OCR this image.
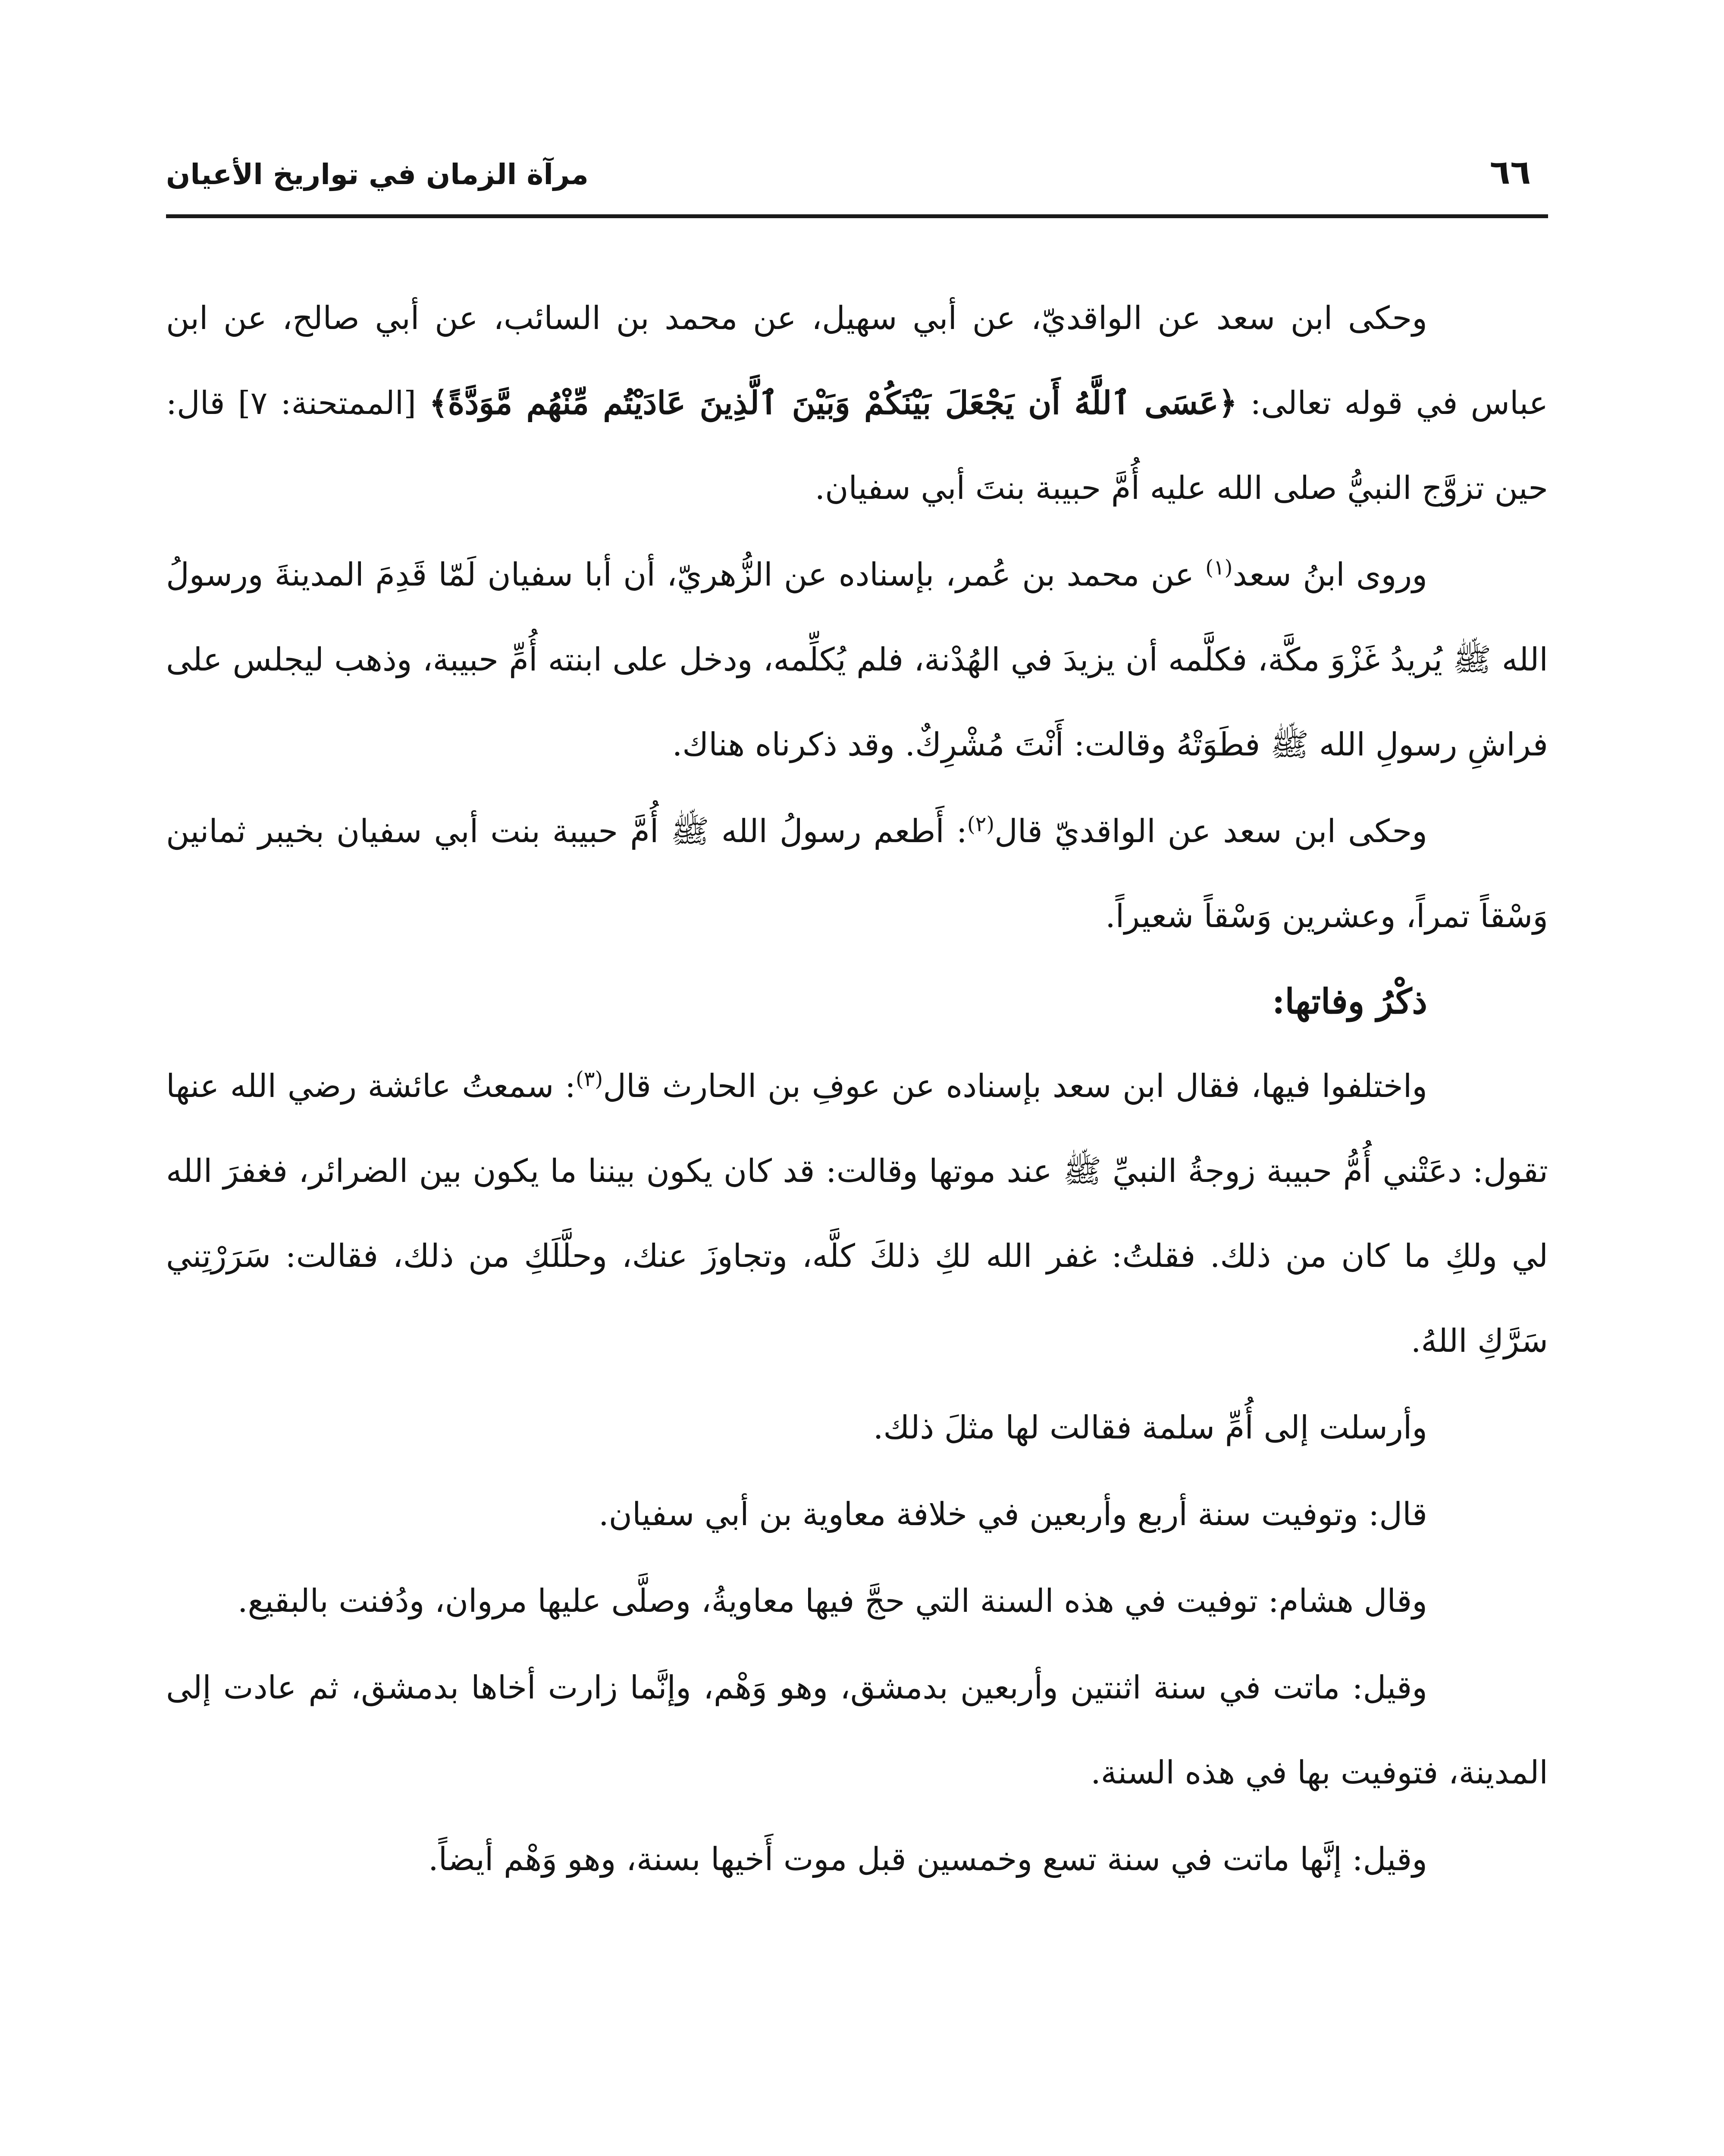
٦٦
مرآة الزمان في تواريخ الأعيان

وحكى ابن سعد عن الواقديّ، عن أبي سهيل، عن محمد بن السائب، عن أبي صالح، عن ابن عباس في قوله تعالى: ﴿عَسَى ٱللَّهُ أَن يَجْعَلَ بَيْنَكُمْ وَبَيْنَ ٱلَّذِينَ عَادَيْتُم مِّنْهُم مَّوَدَّةً﴾ [الممتحنة: ٧] قال: حين تزوَّج النبيُّ صلى الله عليه أُمَّ حبيبة بنتَ أبي سفيان.

وروى ابنُ سعد$^{(١)}$ عن محمد بن عُمر، بإسناده عن الزُّهريّ، أن أبا سفيان لَمّا قَدِمَ المدينةَ ورسولُ الله ﷺ يُريدُ غَزْوَ مكَّة، فكلَّمه أن يزيدَ في الهُدْنة، فلم يُكلِّمه، ودخل على ابنته أُمِّ حبيبة، وذهب ليجلس على فراشِ رسولِ الله ﷺ فطَوَتْهُ وقالت: أَنْتَ مُشْرِكٌ. وقد ذكرناه هناك.

وحكى ابن سعد عن الواقديّ قال$^{(٢)}$: أَطعم رسولُ الله ﷺ أُمَّ حبيبة بنت أبي سفيان بخيبر ثمانين وَسْقاً تمراً، وعشرين وَسْقاً شعيراً.

ذكْرُ وفاتها:

واختلفوا فيها، فقال ابن سعد بإسناده عن عوفِ بن الحارث قال$^{(٣)}$: سمعتُ عائشة رضي الله عنها تقول: دعَتْني أُمُّ حبيبة زوجةُ النبيِّ ﷺ عند موتها وقالت: قد كان يكون بيننا ما يكون بين الضرائر، فغفرَ الله لي ولكِ ما كان من ذلك. فقلتُ: غفر الله لكِ ذلكَ كلَّه، وتجاوزَ عنك، وحلَّلَكِ من ذلك، فقالت: سَرَرْتِني سَرَّكِ اللهُ.

وأرسلت إلى أُمِّ سلمة فقالت لها مثلَ ذلك.

قال: وتوفيت سنة أربع وأربعين في خلافة معاوية بن أبي سفيان.

وقال هشام: توفيت في هذه السنة التي حجَّ فيها معاويةُ، وصلَّى عليها مروان، ودُفنت بالبقيع.

وقيل: ماتت في سنة اثنتين وأربعين بدمشق، وهو وَهْم، وإنَّما زارت أخاها بدمشق، ثم عادت إلى المدينة، فتوفيت بها في هذه السنة.

وقيل: إنَّها ماتت في سنة تسع وخمسين قبل موت أَخيها بسنة، وهو وَهْم أيضاً.
